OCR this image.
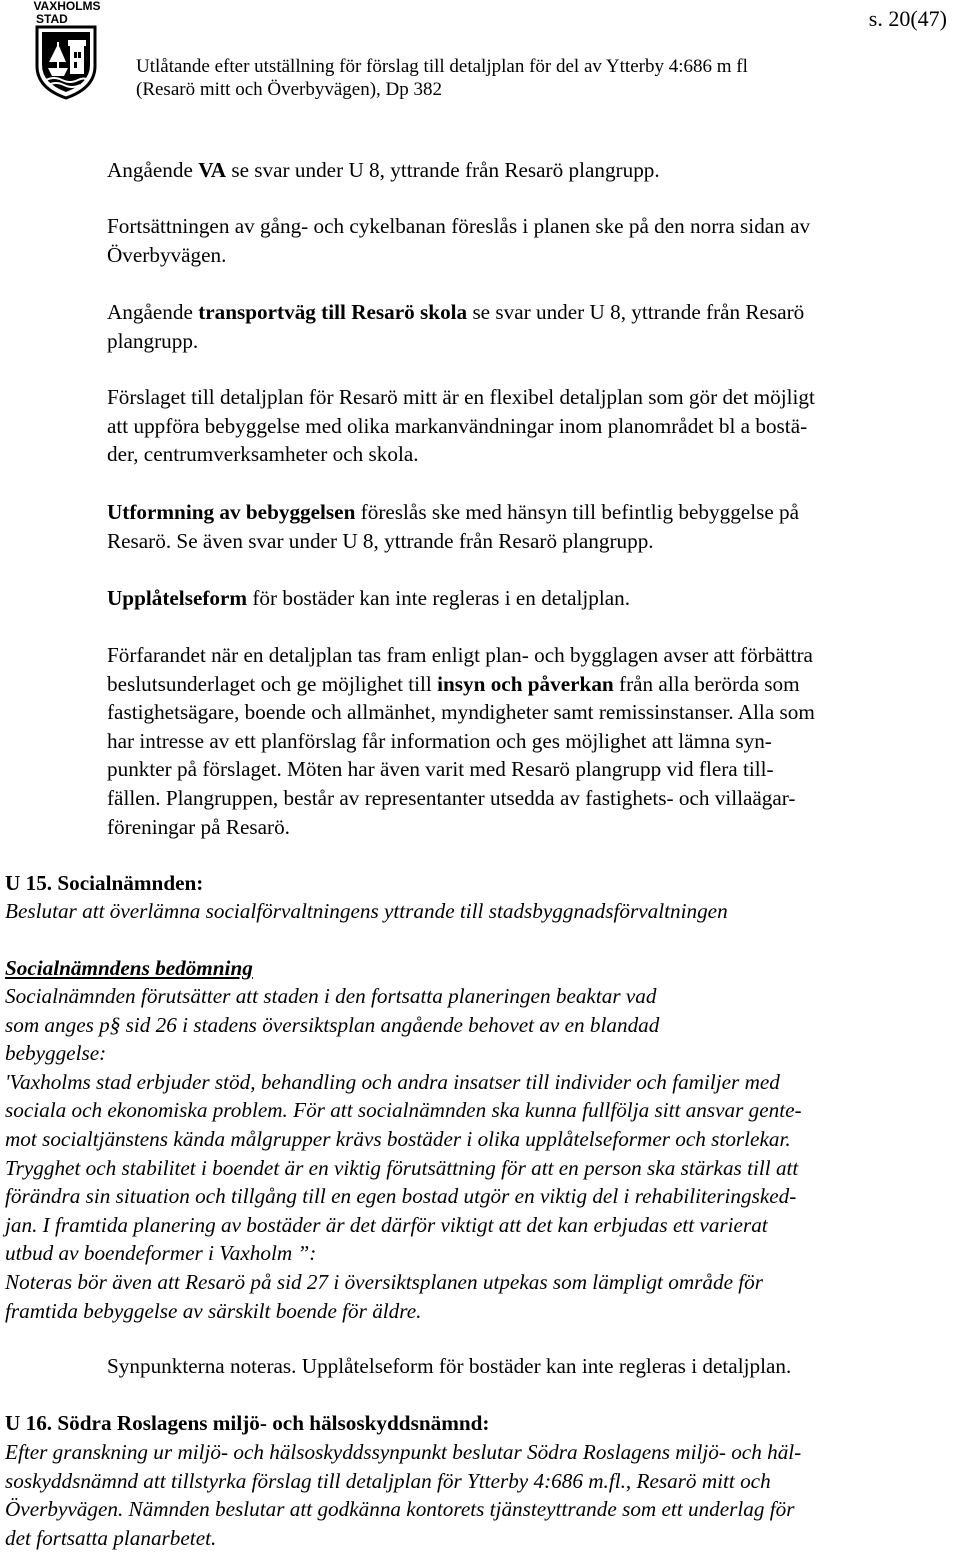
VAXHOLMS
STAD	s. 20(47)
Utlåtande efter utställning för förslag till detaljplan för del av Ytterby 4:686 m fl
(Resarö mitt och Överbyvägen), Dp 382
Angående VA se svar under U 8, yttrande från Resarö plangrupp.
Fortsättningen av gång- och cykelbanan föreslås i planen ske på den norra sidan av
Överbyvägen.
Angående transportväg till Resarö skola se svar under U 8, yttrande från Resarö
plangrupp.
Förslaget till detaljplan för Resarö mitt är en flexibel detaljplan som gör det möjligt
att uppföra bebyggelse med olika markanvändningar inom planområdet bl a bostä-
der, centrumverksamheter och skola.
Utformning av bebyggelsen föreslås ske med hänsyn till befintlig bebyggelse på
Resarö. Se även svar under U 8, yttrande från Resarö plangrupp.
Upplåtelseform för bostäder kan inte regleras i en detaljplan.
Förfarandet när en detaljplan tas fram enligt plan- och bygglagen avser att förbättra
beslutsunderlaget och ge möjlighet till insyn och påverkan från alla berörda som
fastighetsägare, boende och allmänhet, myndigheter samt remissinstanser. Alla som
har intresse av ett planförslag får information och ges möjlighet att lämna syn-
punkter på förslaget. Möten har även varit med Resarö plangrupp vid flera till-
fällen. Plangruppen, består av representanter utsedda av fastighets- och villaägar-
föreningar på Resarö.
U 15. Socialnämnden:
Beslutar att överlämna socialförvaltningens yttrande till stadsbyggnadsförvaltningen
Socialnämndens bedömning
Socialnämnden förutsätter att staden i den fortsatta planeringen beaktar vad
som anges p§ sid 26 i stadens översiktsplan angående behovet av en blandad
bebyggelse:
'Vaxholms stad erbjuder stöd, behandling och andra insatser till individer och familjer med
sociala och ekonomiska problem. För att socialnämnden ska kunna fullfölja sitt ansvar gente-
mot socialtjänstens kända målgrupper krävs bostäder i olika upplåtelseformer och storlekar.
Trygghet och stabilitet i boendet är en viktig förutsättning för att en person ska stärkas till att
förändra sin situation och tillgång till en egen bostad utgör en viktig del i rehabiliteringsked-
jan. I framtida planering av bostäder är det därför viktigt att det kan erbjudas ett varierat
utbud av boendeformer i Vaxholm ”:
Noteras bör även att Resarö på sid 27 i översiktsplanen utpekas som lämpligt område för
framtida bebyggelse av särskilt boende för äldre.
Synpunkterna noteras. Upplåtelseform för bostäder kan inte regleras i detaljplan.
U 16. Södra Roslagens miljö- och hälsoskyddsnämnd:
Efter granskning ur miljö- och hälsoskyddssynpunkt beslutar Södra Roslagens miljö- och häl-
soskyddsnämnd att tillstyrka förslag till detaljplan för Ytterby 4:686 m.fl., Resarö mitt och
Överbyvägen. Nämnden beslutar att godkänna kontorets tjänsteyttrande som ett underlag för
det fortsatta planarbetet.
